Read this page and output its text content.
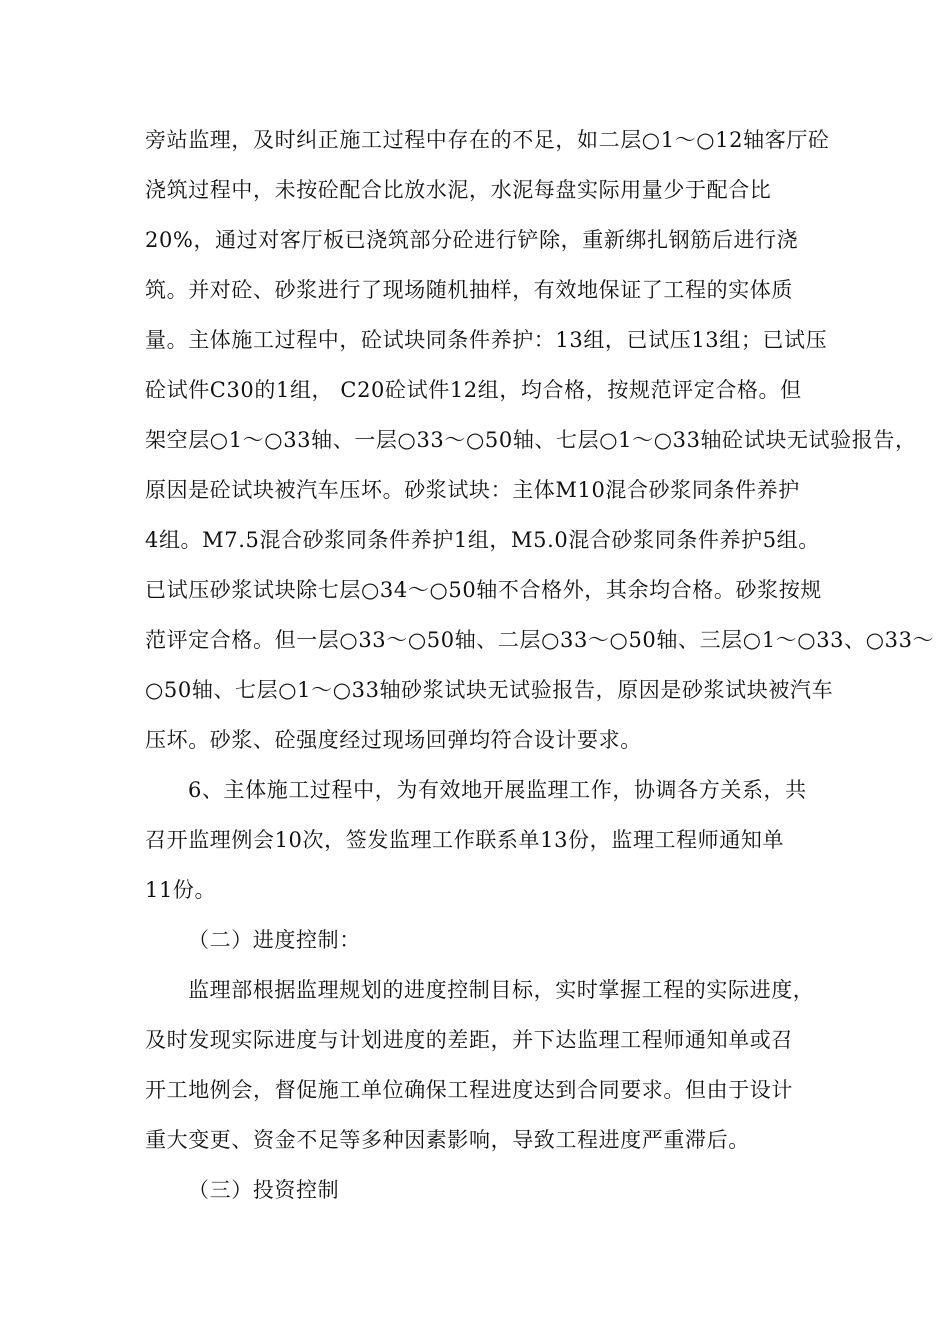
旁站监理，及时纠正施工过程中存在的不足，如二层○1～○12轴客厅砼
浇筑过程中，未按砼配合比放水泥，水泥每盘实际用量少于配合比
20%，通过对客厅板已浇筑部分砼进行铲除，重新绑扎钢筋后进行浇
筑。并对砼、砂浆进行了现场随机抽样，有效地保证了工程的实体质
量。主体施工过程中，砼试块同条件养护：13组，已试压13组；已试压
砼试件C30的1组， C20砼试件12组，均合格，按规范评定合格。但
架空层○1～○33轴、一层○33～○50轴、七层○1～○33轴砼试块无试验报告，
原因是砼试块被汽车压坏。砂浆试块：主体M10混合砂浆同条件养护
4组。M7.5混合砂浆同条件养护1组，M5.0混合砂浆同条件养护5组。
已试压砂浆试块除七层○34～○50轴不合格外，其余均合格。砂浆按规
范评定合格。但一层○33～○50轴、二层○33～○50轴、三层○1～○33、○33～
○50轴、七层○1～○33轴砂浆试块无试验报告，原因是砂浆试块被汽车
压坏。砂浆、砼强度经过现场回弹均符合设计要求。
6、主体施工过程中，为有效地开展监理工作，协调各方关系，共
召开监理例会10次，签发监理工作联系单13份，监理工程师通知单
11份。
（二）进度控制：
监理部根据监理规划的进度控制目标，实时掌握工程的实际进度，
及时发现实际进度与计划进度的差距，并下达监理工程师通知单或召
开工地例会，督促施工单位确保工程进度达到合同要求。但由于设计
重大变更、资金不足等多种因素影响，导致工程进度严重滞后。
（三）投资控制
